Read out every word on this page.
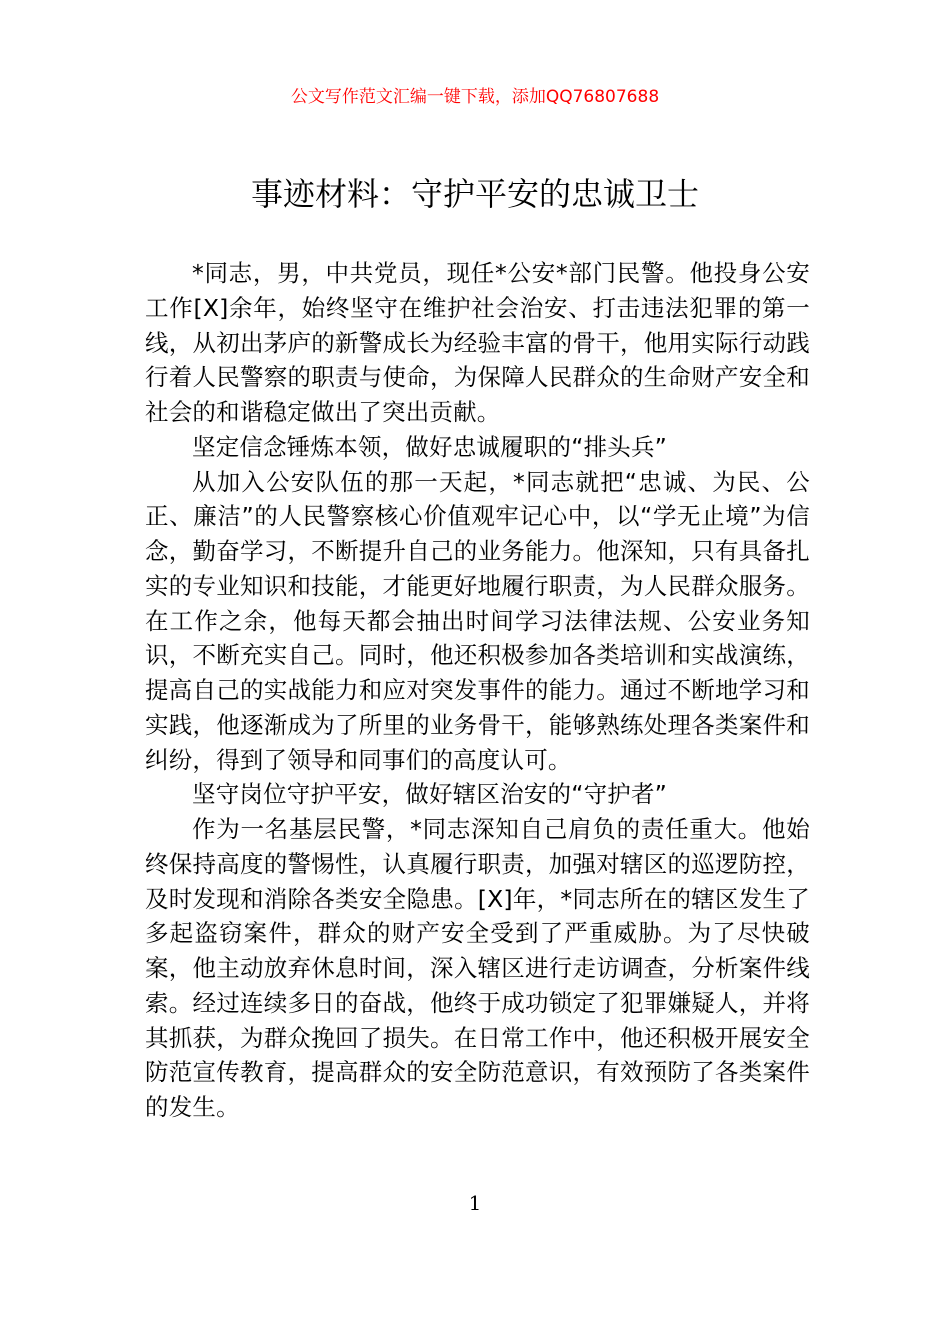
公文写作范文汇编一键下载，添加QQ76807688
事迹材料：守护平安的忠诚卫士

*同志，男，中共党员，现任*公安*部门民警。他投身公安工作[X]余年，始终坚守在维护社会治安、打击违法犯罪的第一线，从初出茅庐的新警成长为经验丰富的骨干，他用实际行动践行着人民警察的职责与使命，为保障人民群众的生命财产安全和社会的和谐稳定做出了突出贡献。

坚定信念锤炼本领，做好忠诚履职的“排头兵”

从加入公安队伍的那一天起，*同志就把“忠诚、为民、公正、廉洁”的人民警察核心价值观牢记心中，以“学无止境”为信念，勤奋学习，不断提升自己的业务能力。他深知，只有具备扎实的专业知识和技能，才能更好地履行职责，为人民群众服务。在工作之余，他每天都会抽出时间学习法律法规、公安业务知识，不断充实自己。同时，他还积极参加各类培训和实战演练，提高自己的实战能力和应对突发事件的能力。通过不断地学习和实践，他逐渐成为了所里的业务骨干，能够熟练处理各类案件和纠纷，得到了领导和同事们的高度认可。

坚守岗位守护平安，做好辖区治安的“守护者”

作为一名基层民警，*同志深知自己肩负的责任重大。他始终保持高度的警惕性，认真履行职责，加强对辖区的巡逻防控，及时发现和消除各类安全隐患。[X]年，*同志所在的辖区发生了多起盗窃案件，群众的财产安全受到了严重威胁。为了尽快破案，他主动放弃休息时间，深入辖区进行走访调查，分析案件线索。经过连续多日的奋战，他终于成功锁定了犯罪嫌疑人，并将其抓获，为群众挽回了损失。在日常工作中，他还积极开展安全防范宣传教育，提高群众的安全防范意识，有效预防了各类案件的发生。

1
